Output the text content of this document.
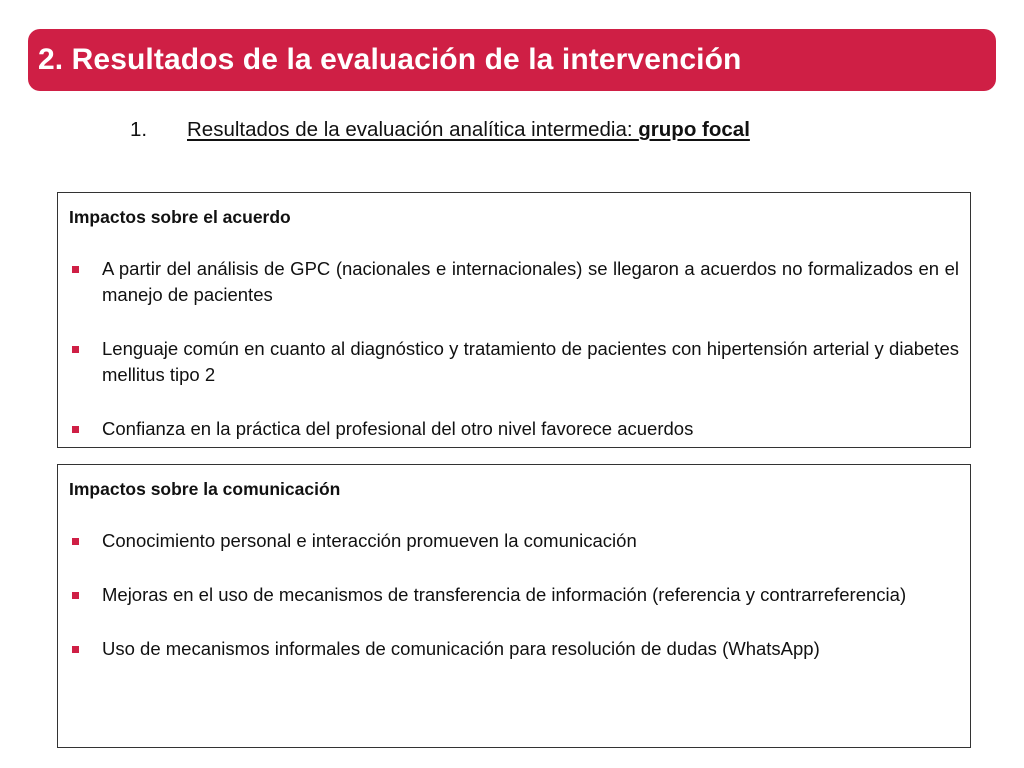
2. Resultados de la evaluación de la intervención
1. Resultados de la evaluación analítica intermedia: grupo focal
Impactos sobre el acuerdo
A partir del análisis de GPC (nacionales e internacionales) se llegaron a acuerdos no formalizados en el manejo de pacientes
Lenguaje común en cuanto al diagnóstico y tratamiento de pacientes con hipertensión arterial y diabetes mellitus tipo 2
Confianza en la práctica del profesional del otro nivel favorece acuerdos
Impactos sobre la comunicación
Conocimiento personal e interacción promueven la comunicación
Mejoras en el uso de mecanismos de transferencia de información (referencia y contrarreferencia)
Uso de mecanismos informales de comunicación para resolución de dudas (WhatsApp)
